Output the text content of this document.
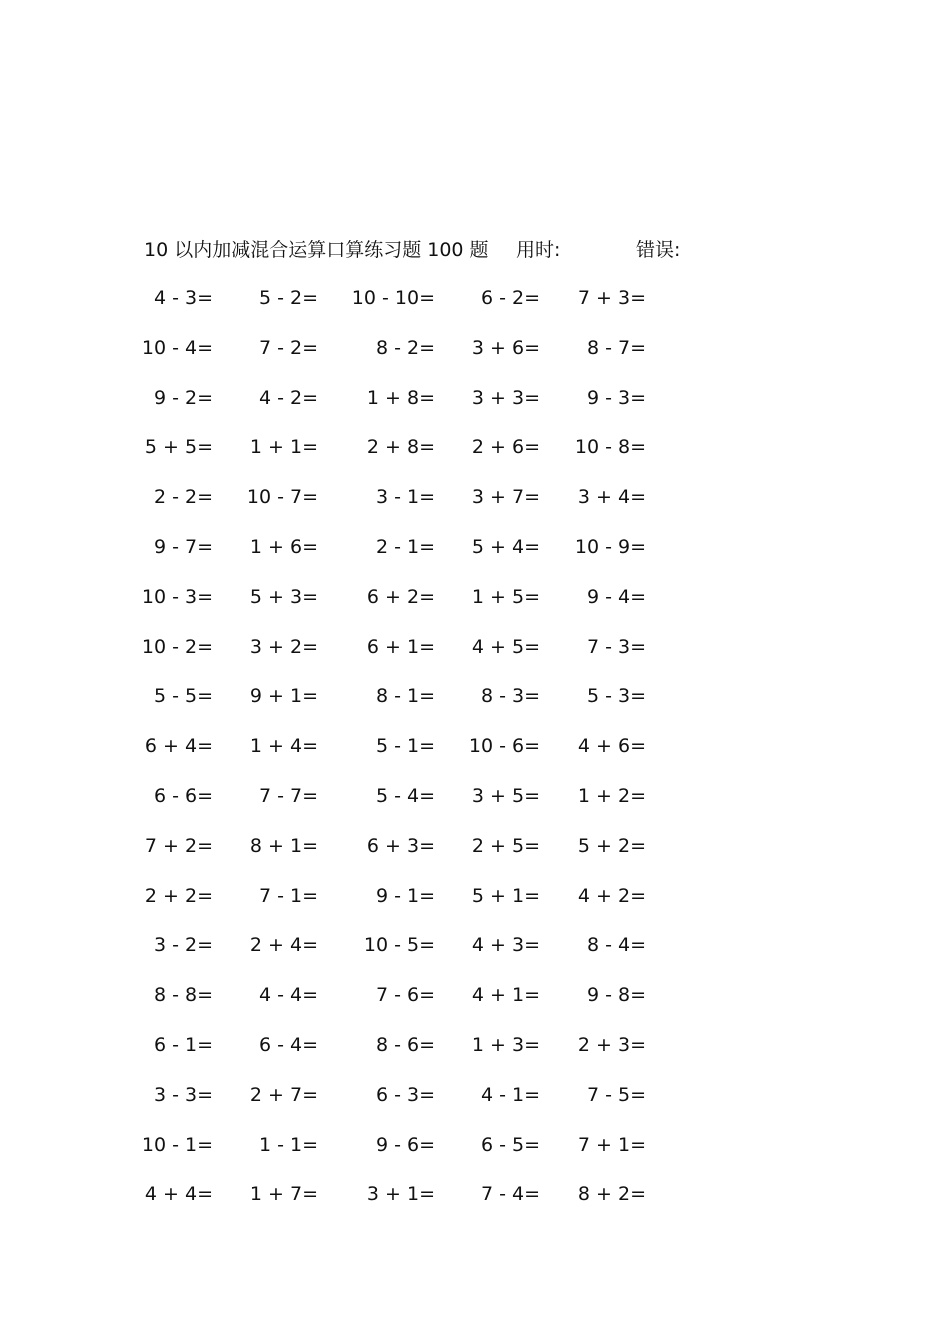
10 以内加减混合运算口算练习题 100 题 用时:	错误:
4 - 3= 5 - 2= 10 - 10= 6 - 2= 7 + 3=
10 - 4= 7 - 2=	8 - 2= 3 + 6= 8 - 7=
9 - 2= 4 - 2=	1 + 8= 3 + 3= 9 - 3=
5 + 5= 1 + 1=	2 + 8= 2 + 6= 10 - 8=
2 - 2= 10 - 7=	3 - 1= 3 + 7= 3 + 4=
9 - 7= 1 + 6=	2 - 1= 5 + 4= 10 - 9=
10 - 3= 5 + 3=	6 + 2= 1 + 5= 9 - 4=
10 - 2= 3 + 2=	6 + 1= 4 + 5= 7 - 3=
5 - 5= 9 + 1=	8 - 1= 8 - 3= 5 - 3=
6 + 4= 1 + 4=	5 - 1= 10 - 6= 4 + 6=
6 - 6= 7 - 7=	5 - 4= 3 + 5= 1 + 2=
7 + 2= 8 + 1=	6 + 3= 2 + 5= 5 + 2=
2 + 2= 7 - 1=	9 - 1= 5 + 1= 4 + 2=
3 - 2= 2 + 4= 10 - 5= 4 + 3= 8 - 4=
8 - 8= 4 - 4=	7 - 6= 4 + 1= 9 - 8=
6 - 1= 6 - 4=	8 - 6= 1 + 3= 2 + 3=
3 - 3= 2 + 7=	6 - 3= 4 - 1= 7 - 5=
10 - 1= 1 - 1=	9 - 6= 6 - 5= 7 + 1=
4 + 4= 1 + 7=	3 + 1= 7 - 4= 8 + 2=
